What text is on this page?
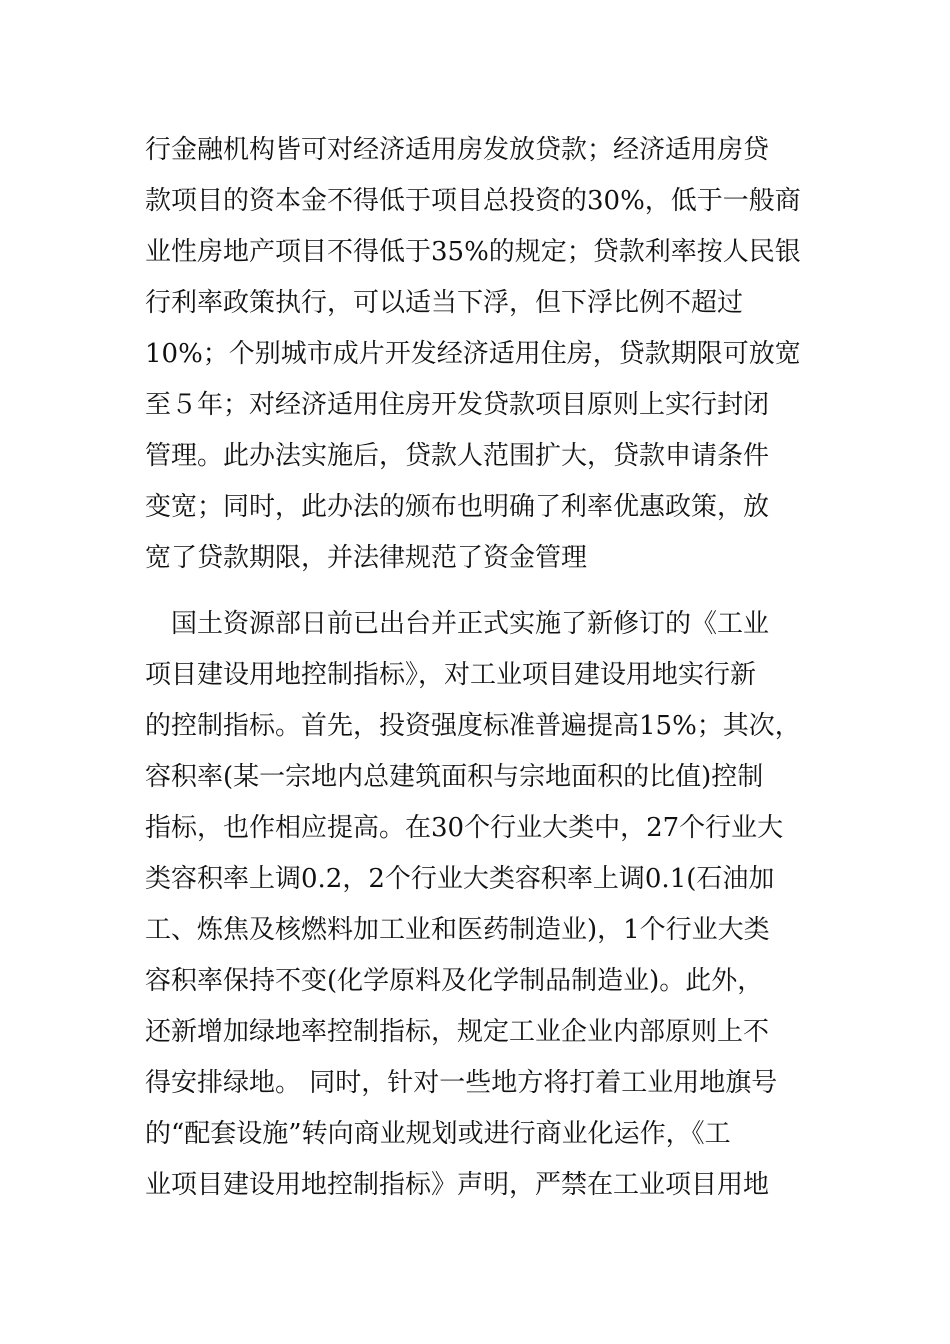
行金融机构皆可对经济适用房发放贷款；经济适用房贷
款项目的资本金不得低于项目总投资的30%，低于一般商
业性房地产项目不得低于35%的规定；贷款利率按人民银
行利率政策执行，可以适当下浮，但下浮比例不超过
10%；个别城市成片开发经济适用住房，贷款期限可放宽
至５年；对经济适用住房开发贷款项目原则上实行封闭
管理。此办法实施后，贷款人范围扩大，贷款申请条件
变宽；同时，此办法的颁布也明确了利率优惠政策，放
宽了贷款期限，并法律规范了资金管理
　国土资源部日前已出台并正式实施了新修订的《工业
项目建设用地控制指标》，对工业项目建设用地实行新
的控制指标。首先，投资强度标准普遍提高15%；其次，
容积率(某一宗地内总建筑面积与宗地面积的比值)控制
指标，也作相应提高。在30个行业大类中，27个行业大
类容积率上调0.2，2个行业大类容积率上调0.1(石油加
工、炼焦及核燃料加工业和医药制造业)，1个行业大类
容积率保持不变(化学原料及化学制品制造业)。此外，
还新增加绿地率控制指标，规定工业企业内部原则上不
得安排绿地。 同时，针对一些地方将打着工业用地旗号
的“配套设施”转向商业规划或进行商业化运作，《工
业项目建设用地控制指标》声明，严禁在工业项目用地
